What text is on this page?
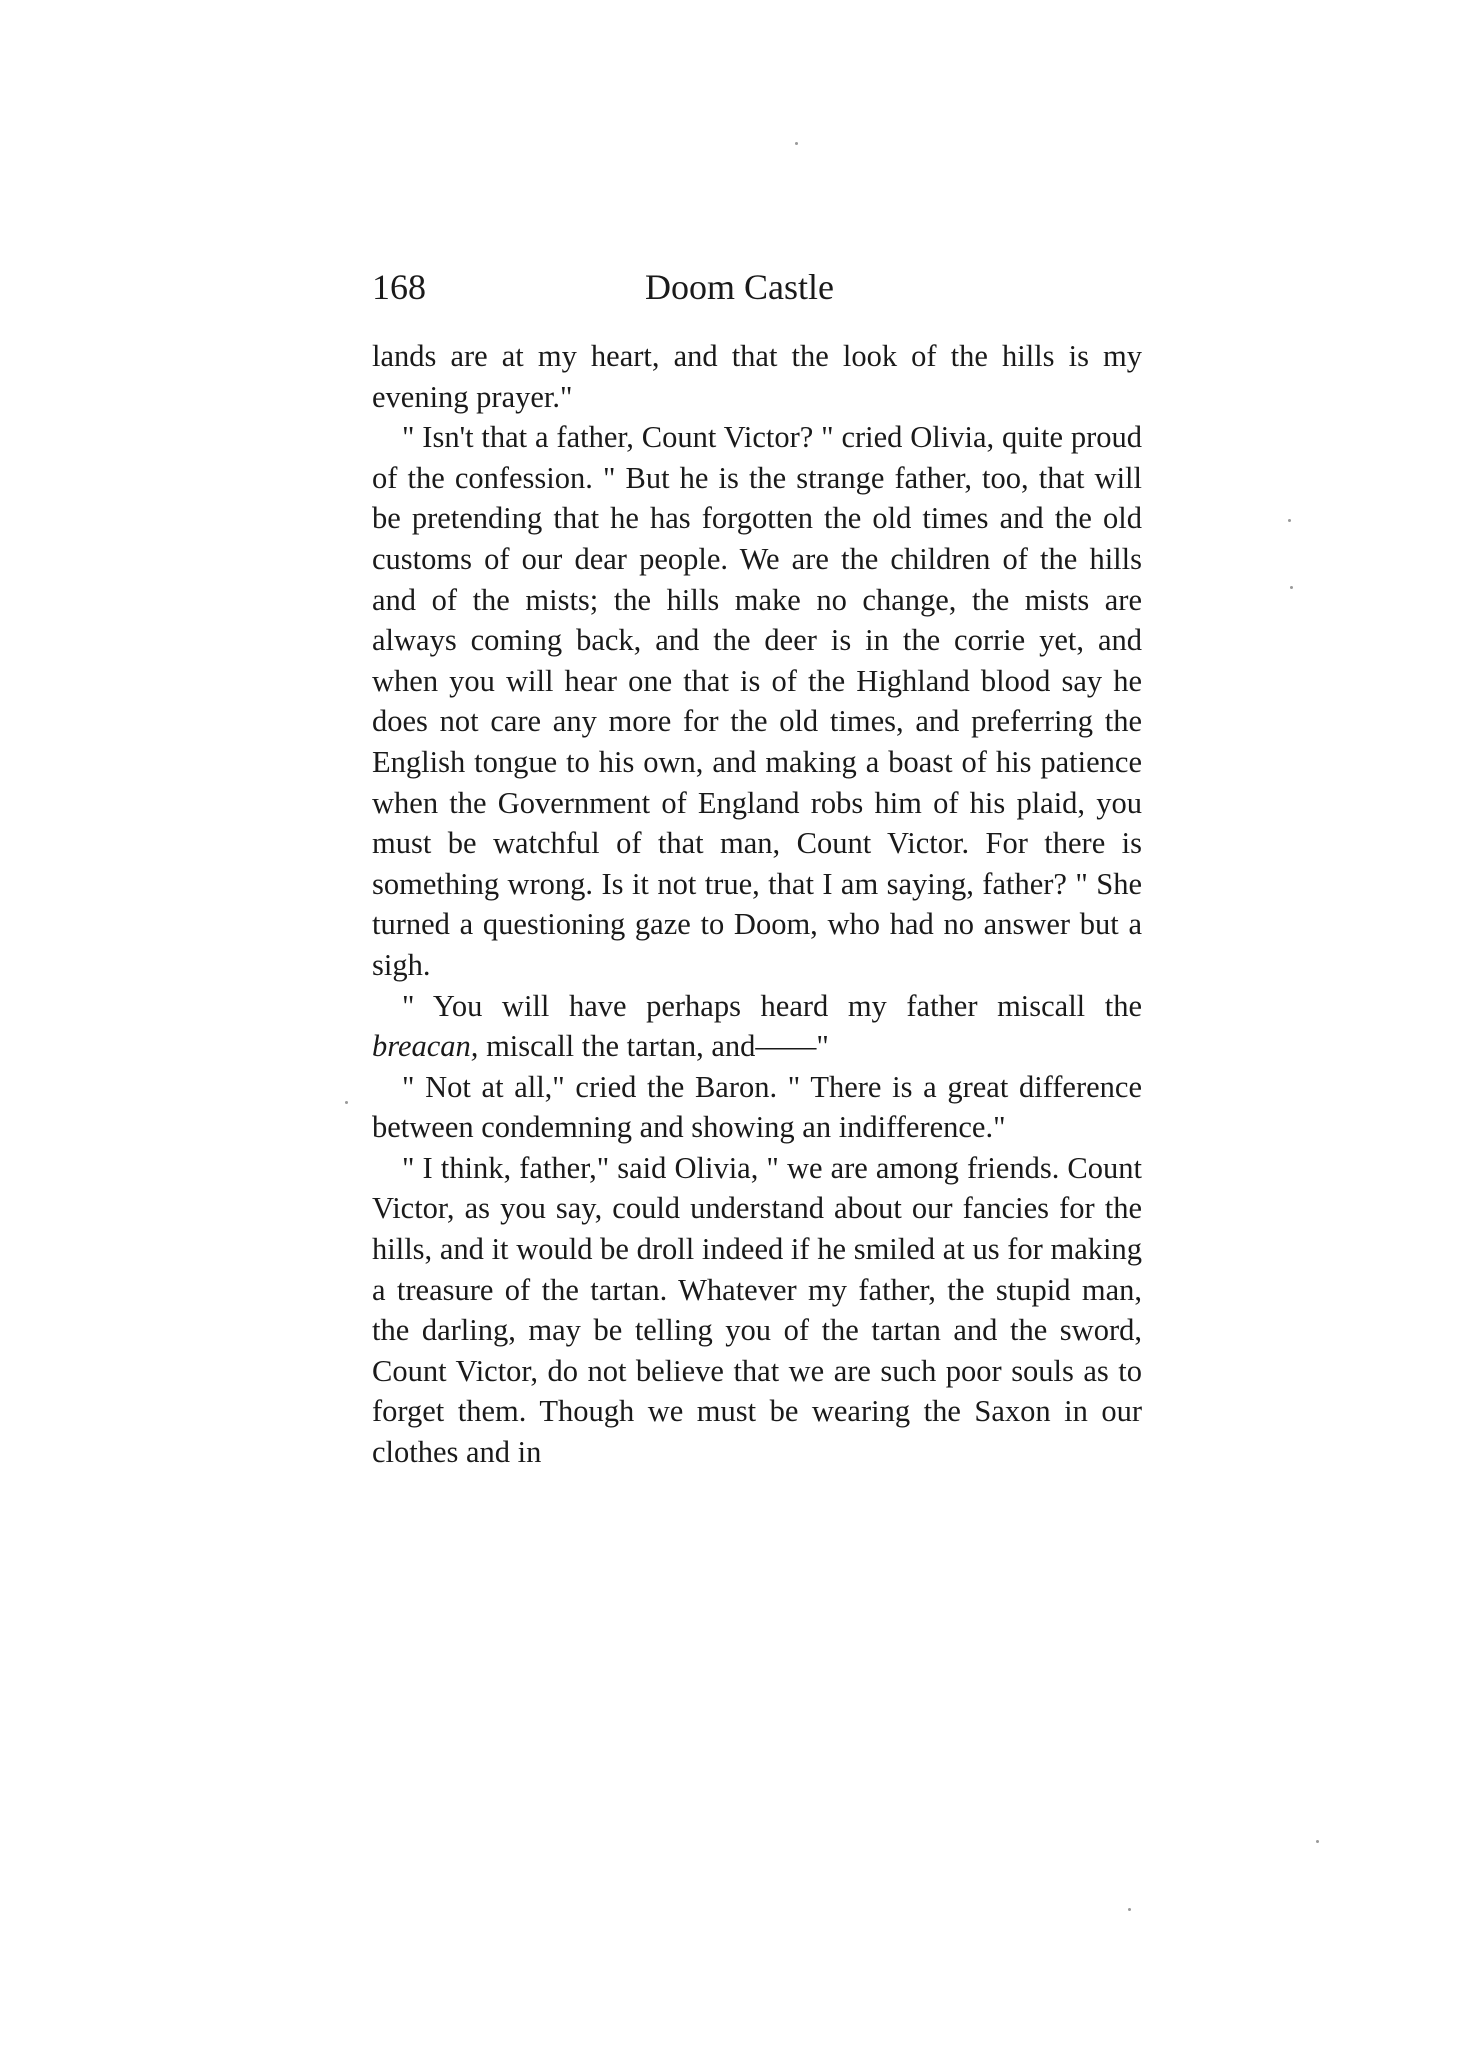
168	Doom Castle

lands are at my heart, and that the look of the hills is my evening prayer."

" Isn't that a father, Count Victor? " cried Olivia, quite proud of the confession. " But he is the strange father, too, that will be pretending that he has forgotten the old times and the old customs of our dear people. We are the children of the hills and of the mists; the hills make no change, the mists are always coming back, and the deer is in the corrie yet, and when you will hear one that is of the Highland blood say he does not care any more for the old times, and preferring the English tongue to his own, and making a boast of his patience when the Government of England robs him of his plaid, you must be watchful of that man, Count Victor. For there is something wrong. Is it not true, that I am saying, father? " She turned a questioning gaze to Doom, who had no answer but a sigh.

" You will have perhaps heard my father miscall the breacan, miscall the tartan, and——"

" Not at all," cried the Baron. " There is a great difference between condemning and showing an indifference."

" I think, father," said Olivia, " we are among friends. Count Victor, as you say, could understand about our fancies for the hills, and it would be droll indeed if he smiled at us for making a treasure of the tartan. Whatever my father, the stupid man, the darling, may be telling you of the tartan and the sword, Count Victor, do not believe that we are such poor souls as to forget them. Though we must be wearing the Saxon in our clothes and in
